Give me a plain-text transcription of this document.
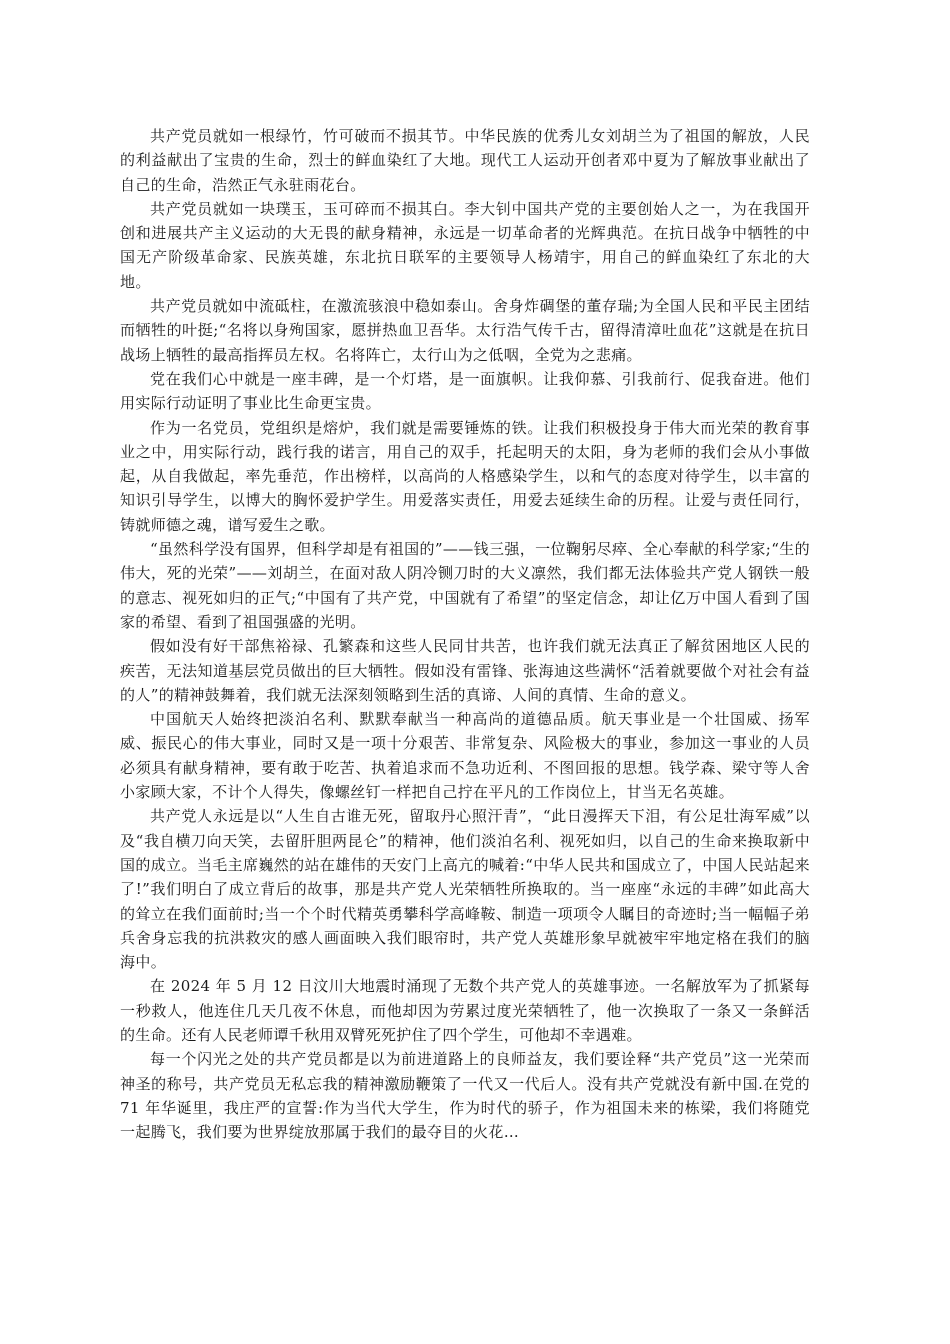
共产党员就如一根绿竹，竹可破而不损其节。中华民族的优秀儿女刘胡兰为了祖国的解放，人民的利益献出了宝贵的生命，烈士的鲜血染红了大地。现代工人运动开创者邓中夏为了解放事业献出了自己的生命，浩然正气永驻雨花台。

共产党员就如一块璞玉，玉可碎而不损其白。李大钊中国共产党的主要创始人之一，为在我国开创和进展共产主义运动的大无畏的献身精神，永远是一切革命者的光辉典范。在抗日战争中牺牲的中国无产阶级革命家、民族英雄，东北抗日联军的主要领导人杨靖宇，用自己的鲜血染红了东北的大地。

共产党员就如中流砥柱，在激流骇浪中稳如泰山。舍身炸碉堡的董存瑞;为全国人民和平民主团结而牺牲的叶挺;“名将以身殉国家，愿拼热血卫吾华。太行浩气传千古，留得清漳吐血花”这就是在抗日战场上牺牲的最高指挥员左权。名将阵亡，太行山为之低咽，全党为之悲痛。

党在我们心中就是一座丰碑，是一个灯塔，是一面旗帜。让我仰慕、引我前行、促我奋进。他们用实际行动证明了事业比生命更宝贵。

作为一名党员，党组织是熔炉，我们就是需要锤炼的铁。让我们积极投身于伟大而光荣的教育事业之中，用实际行动，践行我的诺言，用自己的双手，托起明天的太阳，身为老师的我们会从小事做起，从自我做起，率先垂范，作出榜样，以高尚的人格感染学生，以和气的态度对待学生，以丰富的知识引导学生，以博大的胸怀爱护学生。用爱落实责任，用爱去延续生命的历程。让爱与责任同行，铸就师德之魂，谱写爱生之歌。

“虽然科学没有国界，但科学却是有祖国的”——钱三强，一位鞠躬尽瘁、全心奉献的科学家;“生的伟大，死的光荣”——刘胡兰，在面对敌人阴冷铡刀时的大义凛然，我们都无法体验共产党人钢铁一般的意志、视死如归的正气;“中国有了共产党，中国就有了希望”的坚定信念，却让亿万中国人看到了国家的希望、看到了祖国强盛的光明。

假如没有好干部焦裕禄、孔繁森和这些人民同甘共苦，也许我们就无法真正了解贫困地区人民的疾苦，无法知道基层党员做出的巨大牺牲。假如没有雷锋、张海迪这些满怀“活着就要做个对社会有益的人”的精神鼓舞着，我们就无法深刻领略到生活的真谛、人间的真情、生命的意义。

中国航天人始终把淡泊名利、默默奉献当一种高尚的道德品质。航天事业是一个壮国威、扬军威、振民心的伟大事业，同时又是一项十分艰苦、非常复杂、风险极大的事业，参加这一事业的人员必须具有献身精神，要有敢于吃苦、执着追求而不急功近利、不图回报的思想。钱学森、梁守等人舍小家顾大家，不计个人得失，像螺丝钉一样把自己拧在平凡的工作岗位上，甘当无名英雄。

共产党人永远是以“人生自古谁无死，留取丹心照汗青”，“此日漫挥天下泪，有公足壮海军威”以及“我自横刀向天笑，去留肝胆两昆仑”的精神，他们淡泊名利、视死如归，以自己的生命来换取新中国的成立。当毛主席巍然的站在雄伟的天安门上高亢的喊着:“中华人民共和国成立了，中国人民站起来了!”我们明白了成立背后的故事，那是共产党人光荣牺牲所换取的。当一座座“永远的丰碑”如此高大的耸立在我们面前时;当一个个时代精英勇攀科学高峰鞍、制造一项项令人瞩目的奇迹时;当一幅幅子弟兵舍身忘我的抗洪救灾的感人画面映入我们眼帘时，共产党人英雄形象早就被牢牢地定格在我们的脑海中。

在 2024 年 5 月 12 日汶川大地震时涌现了无数个共产党人的英雄事迹。一名解放军为了抓紧每一秒救人，他连住几天几夜不休息，而他却因为劳累过度光荣牺牲了，他一次换取了一条又一条鲜活的生命。还有人民老师谭千秋用双臂死死护住了四个学生，可他却不幸遇难。

每一个闪光之处的共产党员都是以为前进道路上的良师益友，我们要诠释“共产党员”这一光荣而神圣的称号，共产党员无私忘我的精神激励鞭策了一代又一代后人。没有共产党就没有新中国.在党的 71 年华诞里，我庄严的宣誓:作为当代大学生，作为时代的骄子，作为祖国未来的栋梁，我们将随党一起腾飞，我们要为世界绽放那属于我们的最夺目的火花…
